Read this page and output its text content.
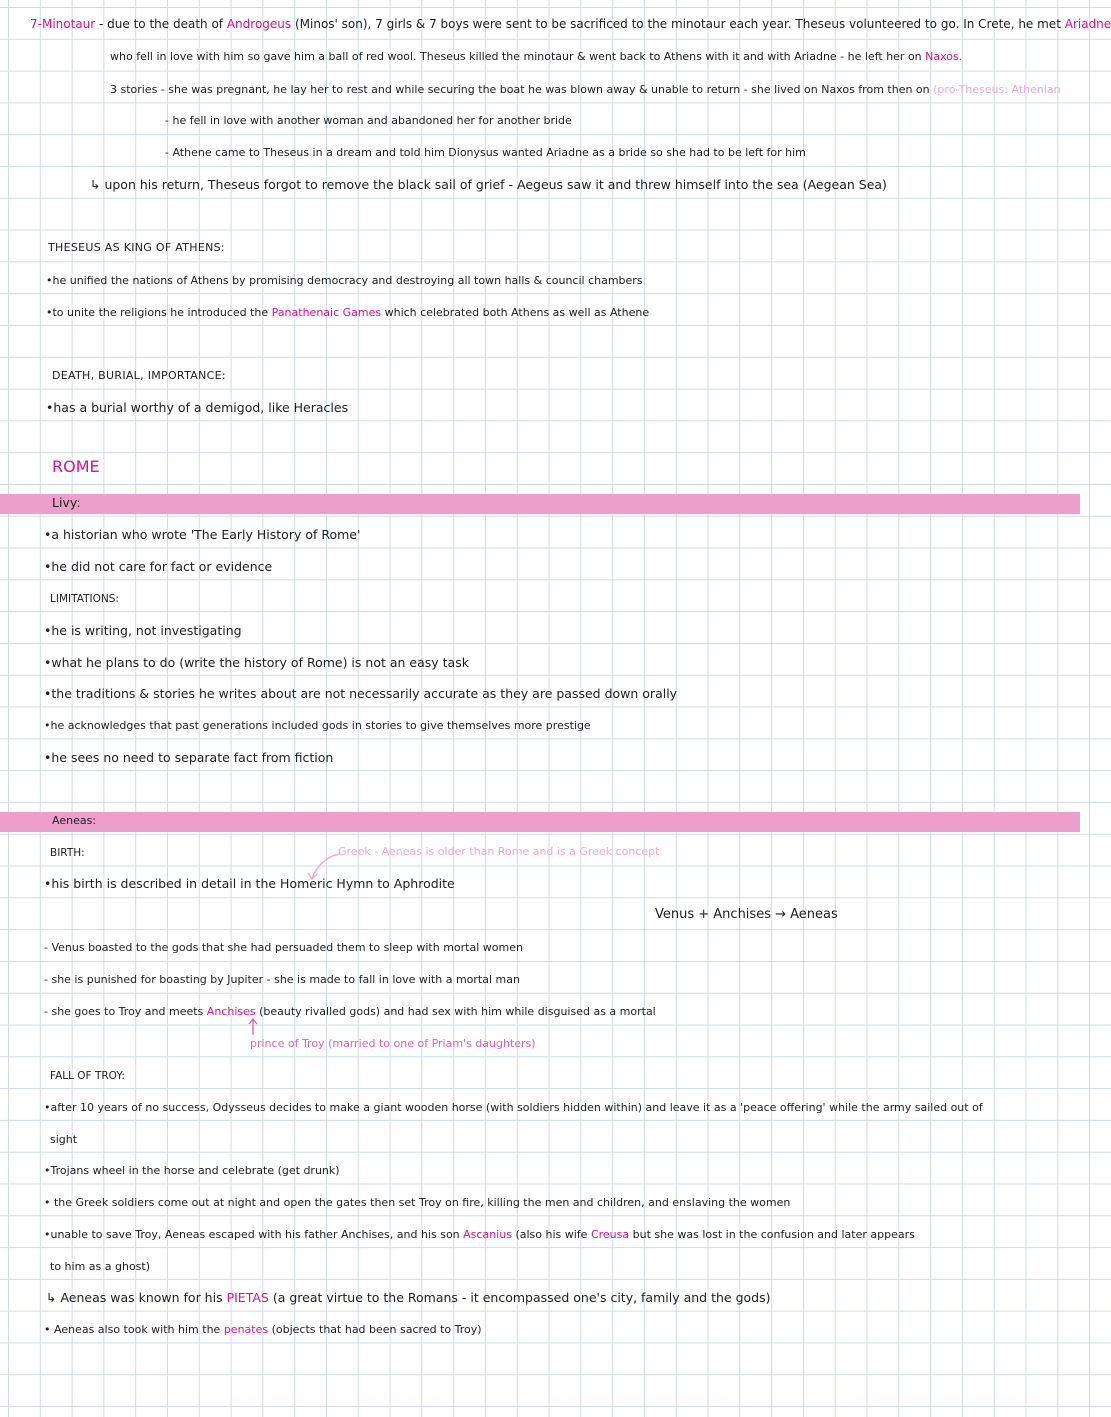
7-Minotaur - due to the death of Androgeus (Minos' son), 7 girls & 7 boys were sent to be sacrificed to the minotaur each year. Theseus volunteered to go. In Crete, he met Ariadne
who fell in love with him so gave him a ball of red wool. Theseus killed the minotaur & went back to Athens with it and with Ariadne - he left her on Naxos.
3 stories - she was pregnant, he lay her to rest and while securing the boat he was blown away & unable to return - she lived on Naxos from then on (pro-Theseus: Athenian
- he fell in love with another woman and abandoned her for another bride
- Athene came to Theseus in a dream and told him Dionysus wanted Ariadne as a bride so she had to be left for him
↳ upon his return, Theseus forgot to remove the black sail of grief - Aegeus saw it and threw himself into the sea (Aegean Sea)
THESEUS AS KING OF ATHENS:
•he unified the nations of Athens by promising democracy and destroying all town halls & council chambers
•to unite the religions he introduced the Panathenaic Games which celebrated both Athens as well as Athene
DEATH, BURIAL, IMPORTANCE:
•has a burial worthy of a demigod, like Heracles
ROME
Livy:
•a historian who wrote 'The Early History of Rome'
•he did not care for fact or evidence
LIMITATIONS:
•he is writing, not investigating
•what he plans to do (write the history of Rome) is not an easy task
•the traditions & stories he writes about are not necessarily accurate as they are passed down orally
•he acknowledges that past generations included gods in stories to give themselves more prestige
•he sees no need to separate fact from fiction
Aeneas:
BIRTH:	Greek - Aeneas is older than Rome and is a Greek concept
•his birth is described in detail in the Homeric Hymn to Aphrodite
Venus + Anchises → Aeneas
- Venus boasted to the gods that she had persuaded them to sleep with mortal women
- she is punished for boasting by Jupiter - she is made to fall in love with a mortal man
- she goes to Troy and meets Anchises (beauty rivalled gods) and had sex with him while disguised as a mortal
prince of Troy (married to one of Priam's daughters)
FALL OF TROY:
•after 10 years of no success, Odysseus decides to make a giant wooden horse (with soldiers hidden within) and leave it as a 'peace offering' while the army sailed out of
sight
•Trojans wheel in the horse and celebrate (get drunk)
• the Greek soldiers come out at night and open the gates then set Troy on fire, killing the men and children, and enslaving the women
•unable to save Troy, Aeneas escaped with his father Anchises, and his son Ascanius (also his wife Creusa but she was lost in the confusion and later appears
to him as a ghost)
↳ Aeneas was known for his PIETAS (a great virtue to the Romans - it encompassed one's city, family and the gods)
• Aeneas also took with him the penates (objects that had been sacred to Troy)
